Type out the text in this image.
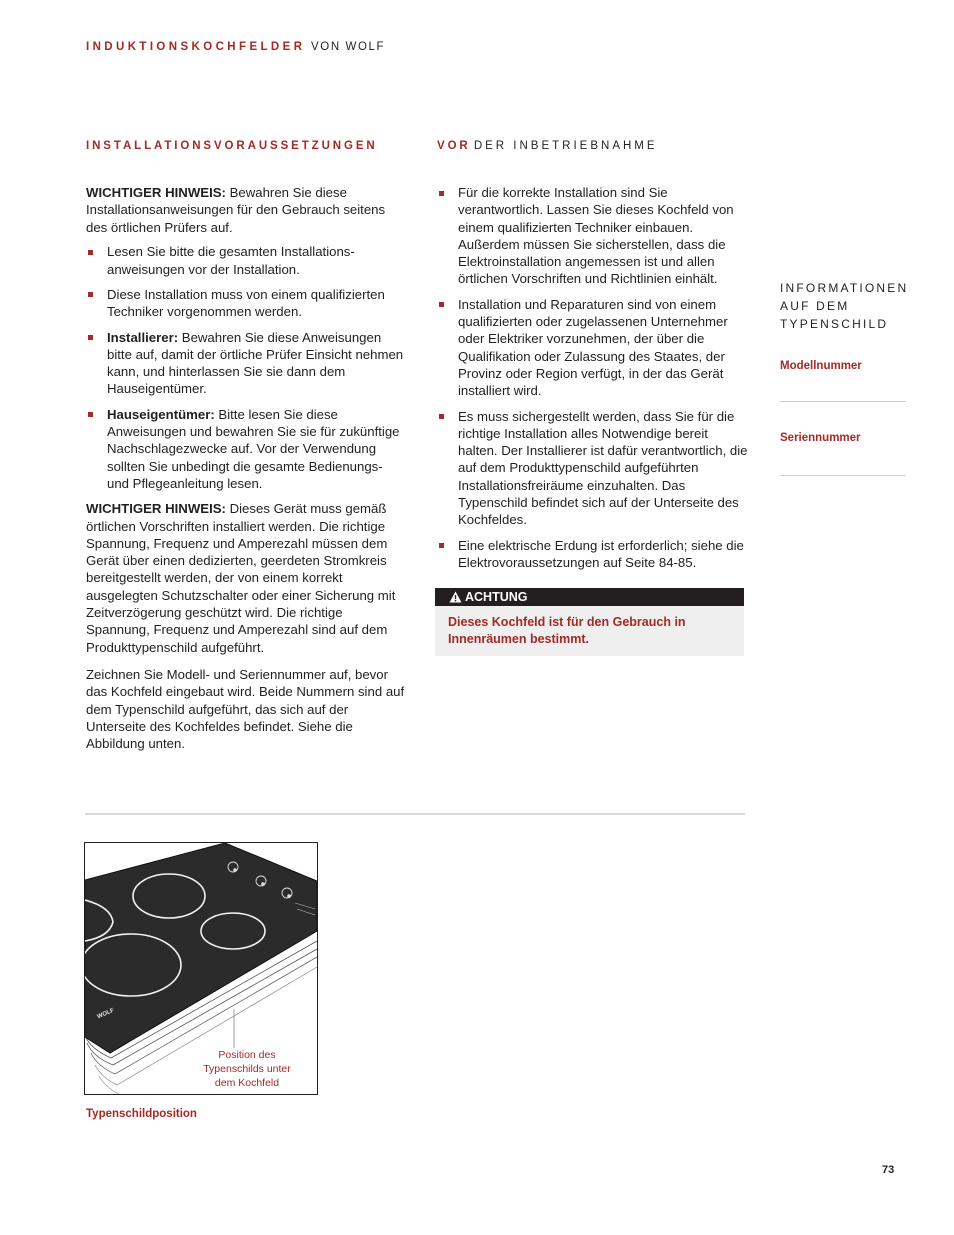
INDUKTIONSKOCHFELDER VON WOLF
INSTALLATIONSVORAUSSETZUNGEN	VOR DER INBETRIEBNAHME

WICHTIGER HINWEIS: Bewahren Sie diese Installationsanweisungen für den Gebrauch seitens des örtlichen Prüfers auf.

Lesen Sie bitte die gesamten Installations-anweisungen vor der Installation.
Diese Installation muss von einem qualifizierten Techniker vorgenommen werden.
Installierer: Bewahren Sie diese Anweisungen bitte auf, damit der örtliche Prüfer Einsicht nehmen kann, und hinterlassen Sie sie dann dem Hauseigentümer.
Hauseigentümer: Bitte lesen Sie diese Anweisungen und bewahren Sie sie für zukünftige Nachschlagezwecke auf. Vor der Verwendung sollten Sie unbedingt die gesamte Bedienungs- und Pflegeanleitung lesen.

WICHTIGER HINWEIS: Dieses Gerät muss gemäß örtlichen Vorschriften installiert werden. Die richtige Spannung, Frequenz und Amperezahl müssen dem Gerät über einen dedizierten, geerdeten Stromkreis bereitgestellt werden, der von einem korrekt ausgelegten Schutzschalter oder einer Sicherung mit Zeitverzögerung geschützt wird. Die richtige Spannung, Frequenz und Amperezahl sind auf dem Produkttypenschild aufgeführt.

Zeichnen Sie Modell- und Seriennummer auf, bevor das Kochfeld eingebaut wird. Beide Nummern sind auf dem Typenschild aufgeführt, das sich auf der Unterseite des Kochfeldes befindet. Siehe die Abbildung unten.

Für die korrekte Installation sind Sie verantwortlich. Lassen Sie dieses Kochfeld von einem qualifizierten Techniker einbauen. Außerdem müssen Sie sicherstellen, dass die Elektroinstallation angemessen ist und allen örtlichen Vorschriften und Richtlinien einhält.
Installation und Reparaturen sind von einem qualifizierten oder zugelassenen Unternehmer oder Elektriker vorzunehmen, der über die Qualifikation oder Zulassung des Staates, der Provinz oder Region verfügt, in der das Gerät installiert wird.
Es muss sichergestellt werden, dass Sie für die richtige Installation alles Notwendige bereit halten. Der Installierer ist dafür verantwortlich, die auf dem Produkttypenschild aufgeführten Installationsfreiräume einzuhalten. Das Typenschild befindet sich auf der Unterseite des Kochfeldes.
Eine elektrische Erdung ist erforderlich; siehe die Elektrovoraussetzungen auf Seite 84-85.
ACHTUNG
Dieses Kochfeld ist für den Gebrauch in Innenräumen bestimmt.
INFORMATIONEN
AUF DEM
TYPENSCHILD
Modellnummer
Seriennummer
WOLF
Position des
Typenschilds unter
dem Kochfeld
Typenschildposition
73
